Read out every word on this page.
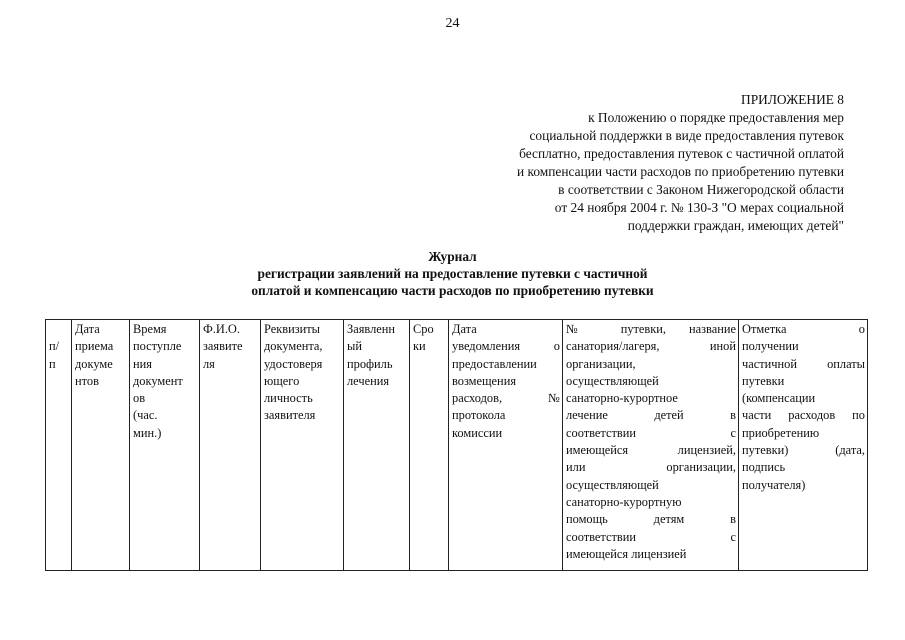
24
ПРИЛОЖЕНИЕ 8
к Положению о порядке предоставления мер
социальной поддержки в виде предоставления путевок
бесплатно, предоставления путевок с частичной оплатой
и компенсации части расходов по приобретению путевки
в соответствии с Законом Нижегородской области
от 24 ноября 2004 г. № 130-З "О мерах социальной
поддержки граждан, имеющих детей"
Журнал
регистрации заявлений на предоставление путевки с частичной
оплатой и компенсацию части расходов по приобретению путевки
п/
п

Дата
приема
докуме
нтов

Время
поступле
ния
документ
ов
(час.
мин.)

Ф.И.О.
заявите
ля

Реквизиты
документа,
удостоверя
ющего
личность
заявителя

Заявленн
ый
профиль
лечения

Сро
ки

Дата
уведомления о
предоставлении
возмещения
расходов, №
протокола
комиссии

№ путевки, название
санатория/лагеря, иной
организации,
осуществляющей
санаторно-курортное
лечение детей в
соответствии с
имеющейся лицензией,
или организации,
осуществляющей
санаторно-курортную
помощь детям в
соответствии с
имеющейся лицензией

Отметка о
получении
частичной оплаты
путевки
(компенсации
части расходов по
приобретению
путевки) (дата,
подпись
получателя)
